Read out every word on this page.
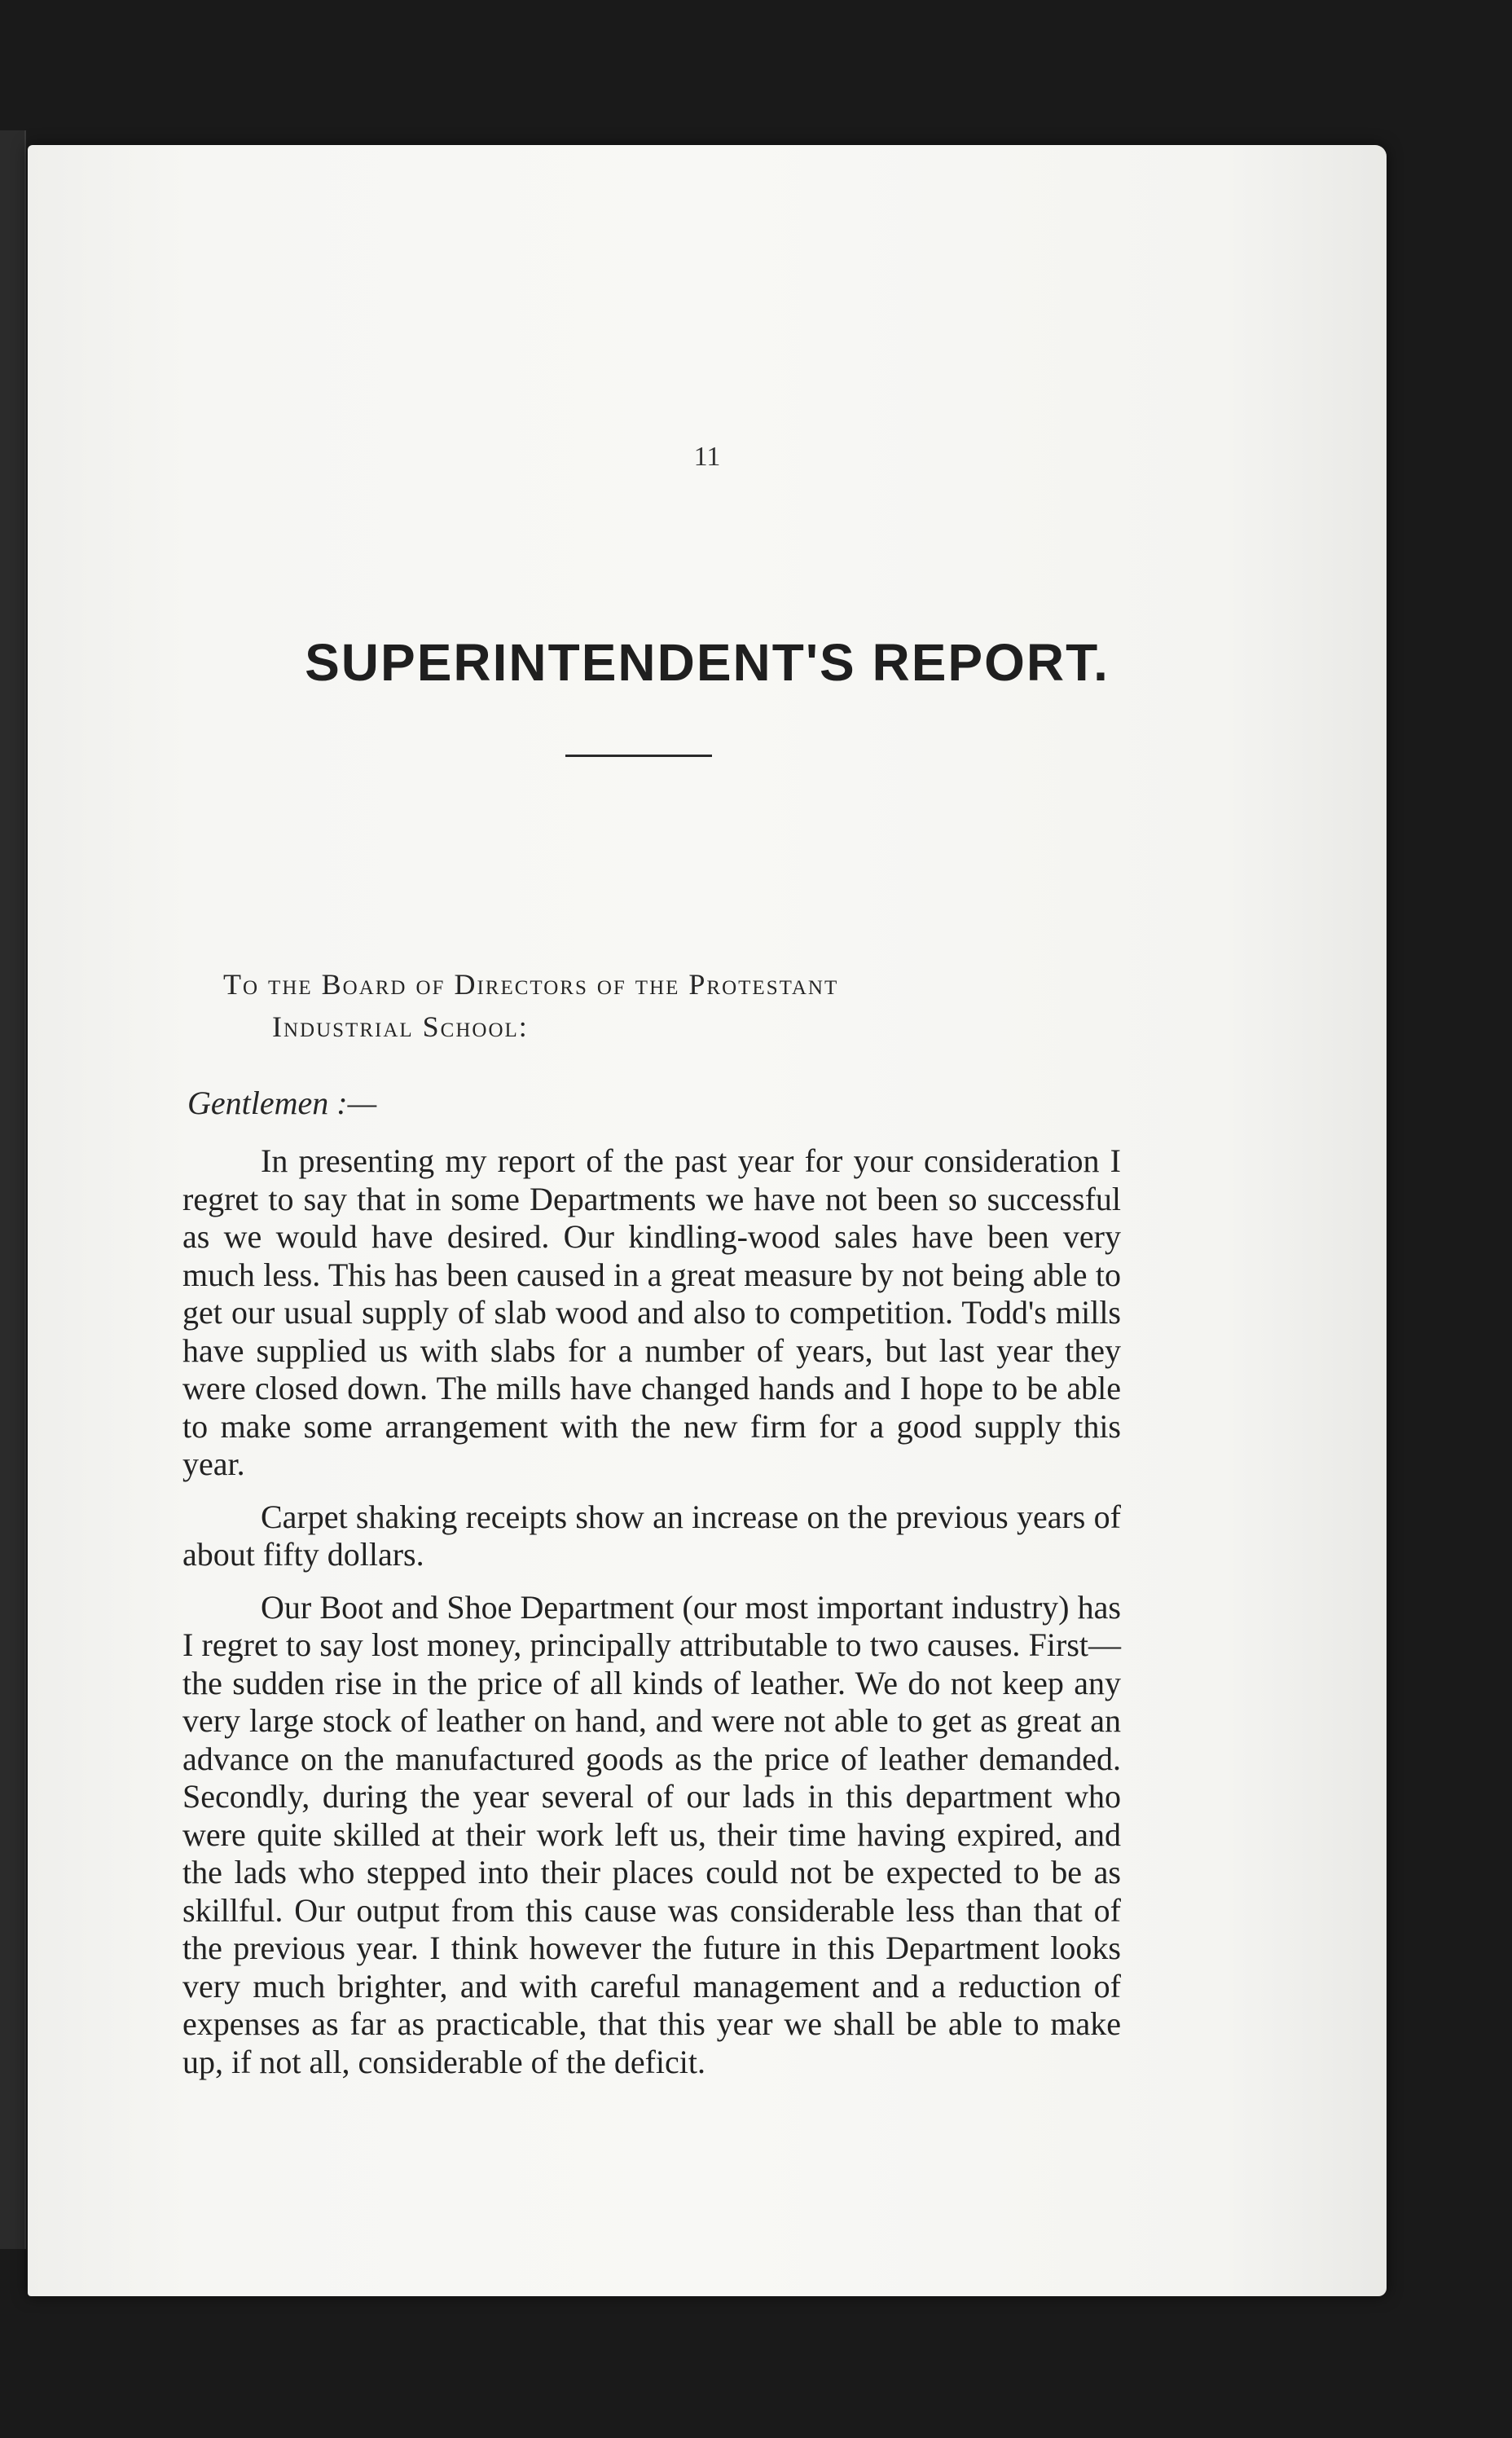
11
SUPERINTENDENT'S REPORT.
To the Board of Directors of the Protestant
Industrial School:
Gentlemen :—

In presenting my report of the past year for your consideration I regret to say that in some Departments we have not been so successful as we would have desired. Our kindling-wood sales have been very much less. This has been caused in a great measure by not being able to get our usual supply of slab wood and also to competition. Todd's mills have supplied us with slabs for a number of years, but last year they were closed down. The mills have changed hands and I hope to be able to make some arrangement with the new firm for a good supply this year.

Carpet shaking receipts show an increase on the previous years of about fifty dollars.

Our Boot and Shoe Department (our most important industry) has I regret to say lost money, principally attributable to two causes. First—the sudden rise in the price of all kinds of leather. We do not keep any very large stock of leather on hand, and were not able to get as great an advance on the manufactured goods as the price of leather demanded. Secondly, during the year several of our lads in this department who were quite skilled at their work left us, their time having expired, and the lads who stepped into their places could not be expected to be as skillful. Our output from this cause was considerable less than that of the previous year. I think however the future in this Department looks very much brighter, and with careful management and a reduction of expenses as far as practicable, that this year we shall be able to make up, if not all, considerable of the deficit.
